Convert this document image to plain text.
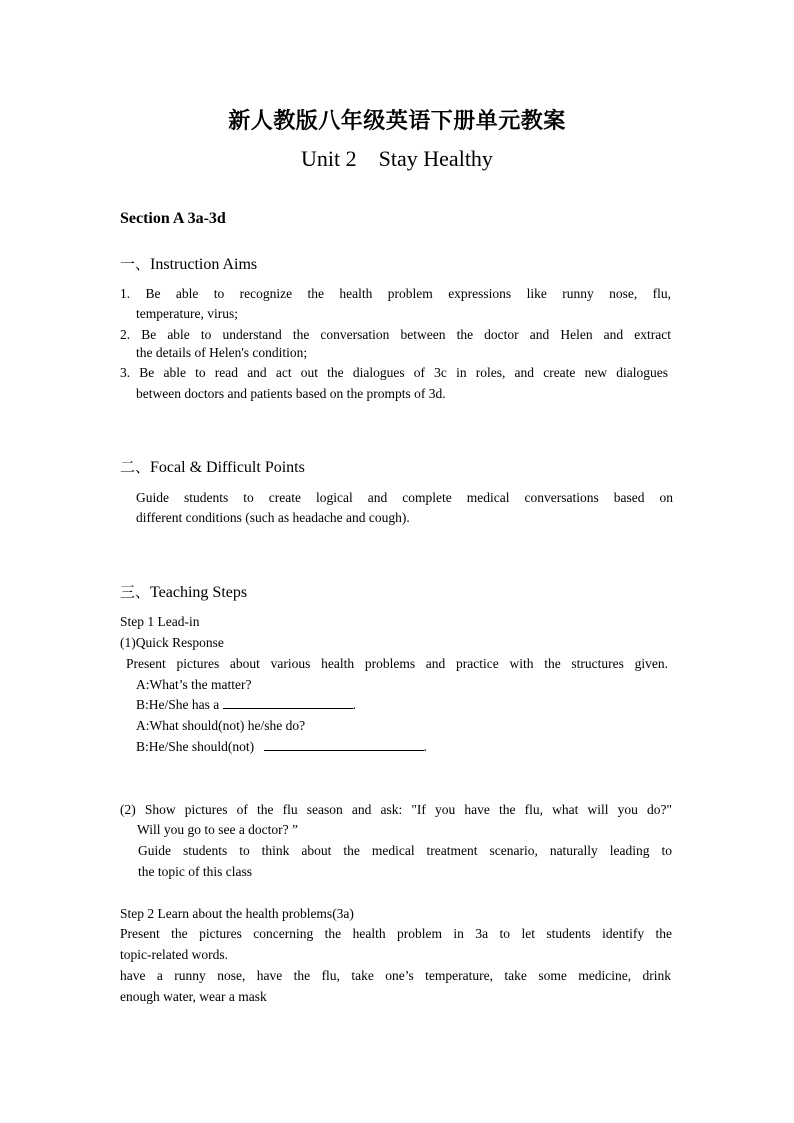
新人教版八年级英语下册单元教案
Unit 2 Stay Healthy
Section A 3a-3d
一、Instruction Aims
1. Be able to recognize the health problem expressions like runny nose, flu,
temperature, virus;
2. Be able to understand the conversation between the doctor and Helen and extract
the details of Helen's condition;
3. Be able to read and act out the dialogues of 3c in roles, and create new dialogues
between doctors and patients based on the prompts of 3d.
二、Focal & Difficult Points
Guide students to create logical and complete medical conversations based on
different conditions (such as headache and cough).
三、Teaching Steps
Step 1 Lead-in
(1)Quick Response
Present pictures about various health problems and practice with the structures given.
A:What’s the matter?
B:He/She has a	.
A:What should(not) he/she do?
B:He/She should(not)	.
(2) Show pictures of the flu season and ask: "If you have the flu, what will you do?"
Will you go to see a doctor? ”
Guide students to think about the medical treatment scenario, naturally leading to
the topic of this class
Step 2 Learn about the health problems(3a)
Present the pictures concerning the health problem in 3a to let students identify the
topic-related words.
have a runny nose, have the flu, take one’s temperature, take some medicine, drink
enough water, wear a mask
